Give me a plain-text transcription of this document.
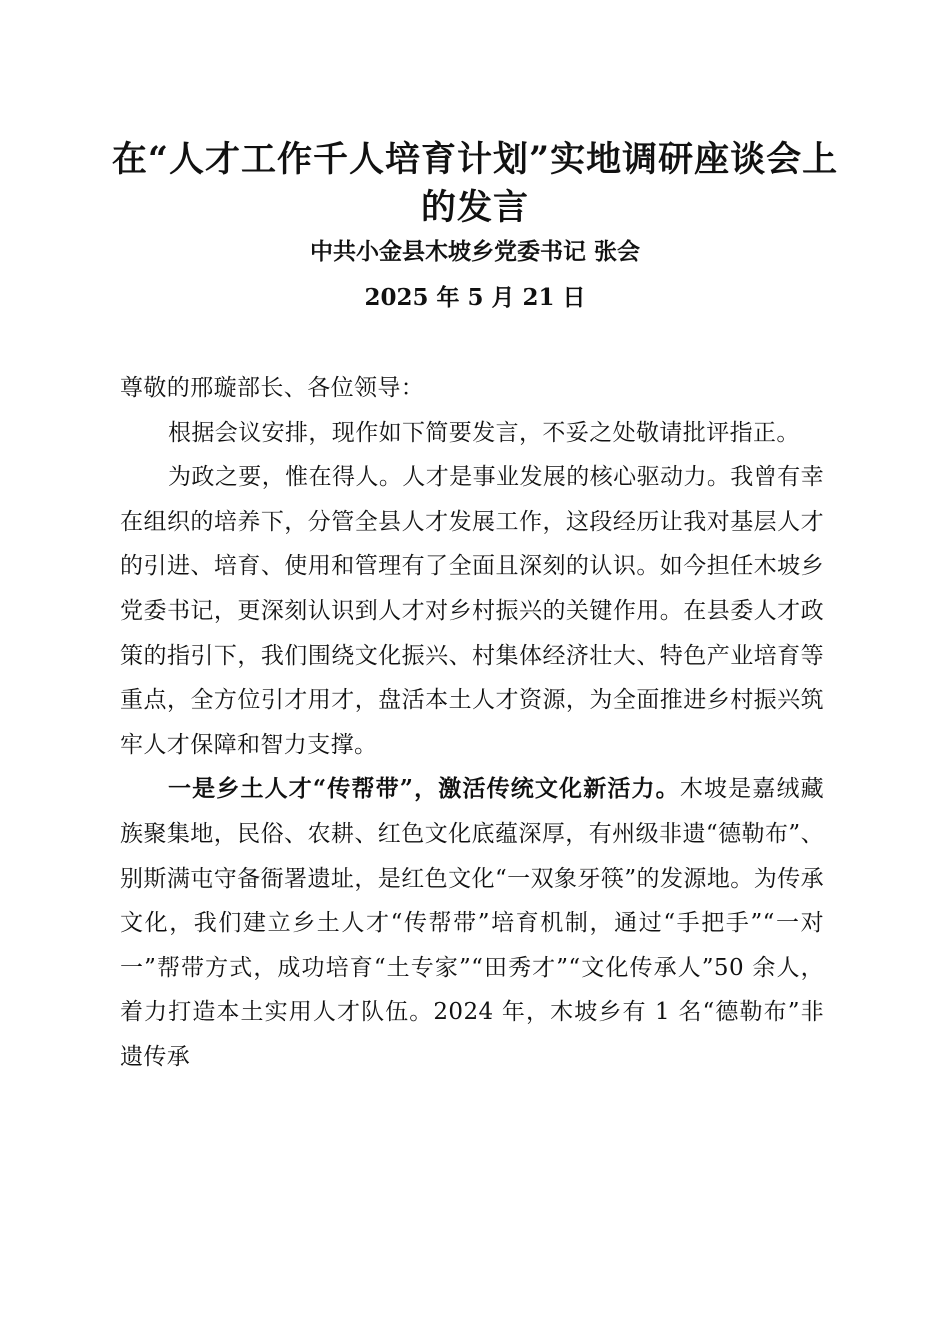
在“人才工作千人培育计划”实地调研座谈会上的发言

中共小金县木坡乡党委书记 张会

2025 年 5 月 21 日

尊敬的邢璇部长、各位领导：

根据会议安排，现作如下简要发言，不妥之处敬请批评指正。

为政之要，惟在得人。人才是事业发展的核心驱动力。我曾有幸在组织的培养下，分管全县人才发展工作，这段经历让我对基层人才的引进、培育、使用和管理有了全面且深刻的认识。如今担任木坡乡党委书记，更深刻认识到人才对乡村振兴的关键作用。在县委人才政策的指引下，我们围绕文化振兴、村集体经济壮大、特色产业培育等重点，全方位引才用才，盘活本土人才资源，为全面推进乡村振兴筑牢人才保障和智力支撑。

一是乡土人才“传帮带”，激活传统文化新活力。木坡是嘉绒藏族聚集地，民俗、农耕、红色文化底蕴深厚，有州级非遗“德勒布”、别斯满屯守备衙署遗址，是红色文化“一双象牙筷”的发源地。为传承文化，我们建立乡土人才“传帮带”培育机制，通过“手把手”“一对一”帮带方式，成功培育“土专家”“田秀才”“文化传承人”50 余人，着力打造本土实用人才队伍。2024 年，木坡乡有 1 名“德勒布”非遗传承
